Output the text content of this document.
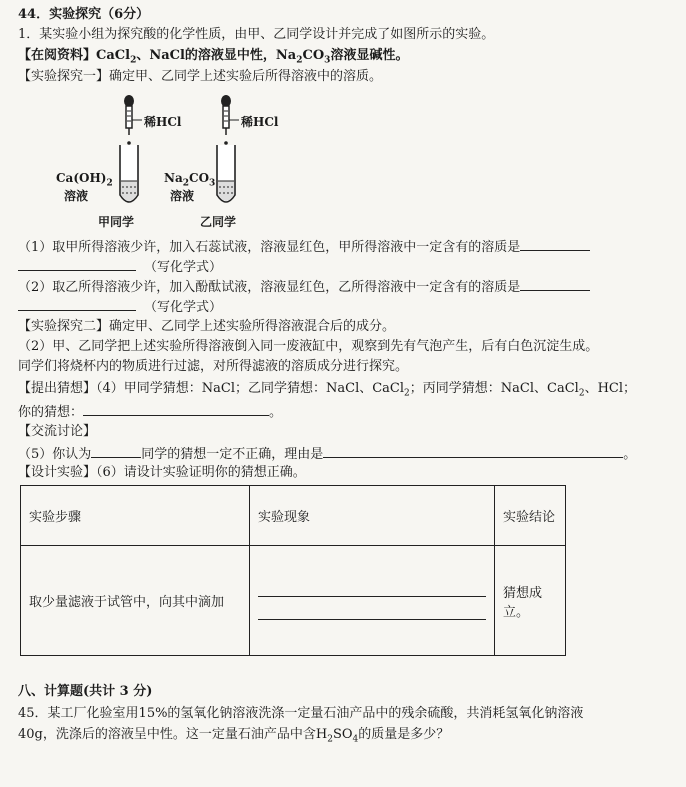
44．实验探究（6分）
1．某实验小组为探究酸的化学性质，由甲、乙同学设计并完成了如图所示的实验。
【在阅资料】CaCl$_2$、NaCl的溶液显中性，$Na_2CO_3$溶液显碱性。
【实验探究一】确定甲、乙同学上述实验后所得溶液中的溶质。
稀HCl	稀HCl
$Ca(OH)_2$
溶液
$Na_2CO_3$
溶液
甲同学	乙同学
（1）取甲所得溶液少许，加入石蕊试液，溶液显红色，甲所得溶液中一定含有的溶质是
（写化学式）
（2）取乙所得溶液少许，加入酚酞试液，溶液显红色，乙所得溶液中一定含有的溶质是
（写化学式）
【实验探究二】确定甲、乙同学上述实验所得溶液混合后的成分。
（2）甲、乙同学把上述实验所得溶液倒入同一废液缸中，观察到先有气泡产生，后有白色沉淀生成。
同学们将烧杯内的物质进行过滤，对所得滤液的溶质成分进行探究。
【提出猜想】（4）甲同学猜想：NaCl；乙同学猜想：NaCl、CaCl$_2$；丙同学猜想：NaCl、CaCl$_2$、HCl；
你的猜想：	。
【交流讨论】
（5）你认为	同学的猜想一定不正确，理由是	。
【设计实验】（6）请设计实验证明你的猜想正确。
实验步骤	实验现象	实验结论
取少量滤液于试管中，向其中滴加		猜想成
立。
八、计算题(共计 3 分)
45．某工厂化验室用15%的氢氧化钠溶液洗涤一定量石油产品中的残余硫酸，共消耗氢氧化钠溶液
40g，洗涤后的溶液呈中性。这一定量石油产品中含$H_2SO_4$的质量是多少？
